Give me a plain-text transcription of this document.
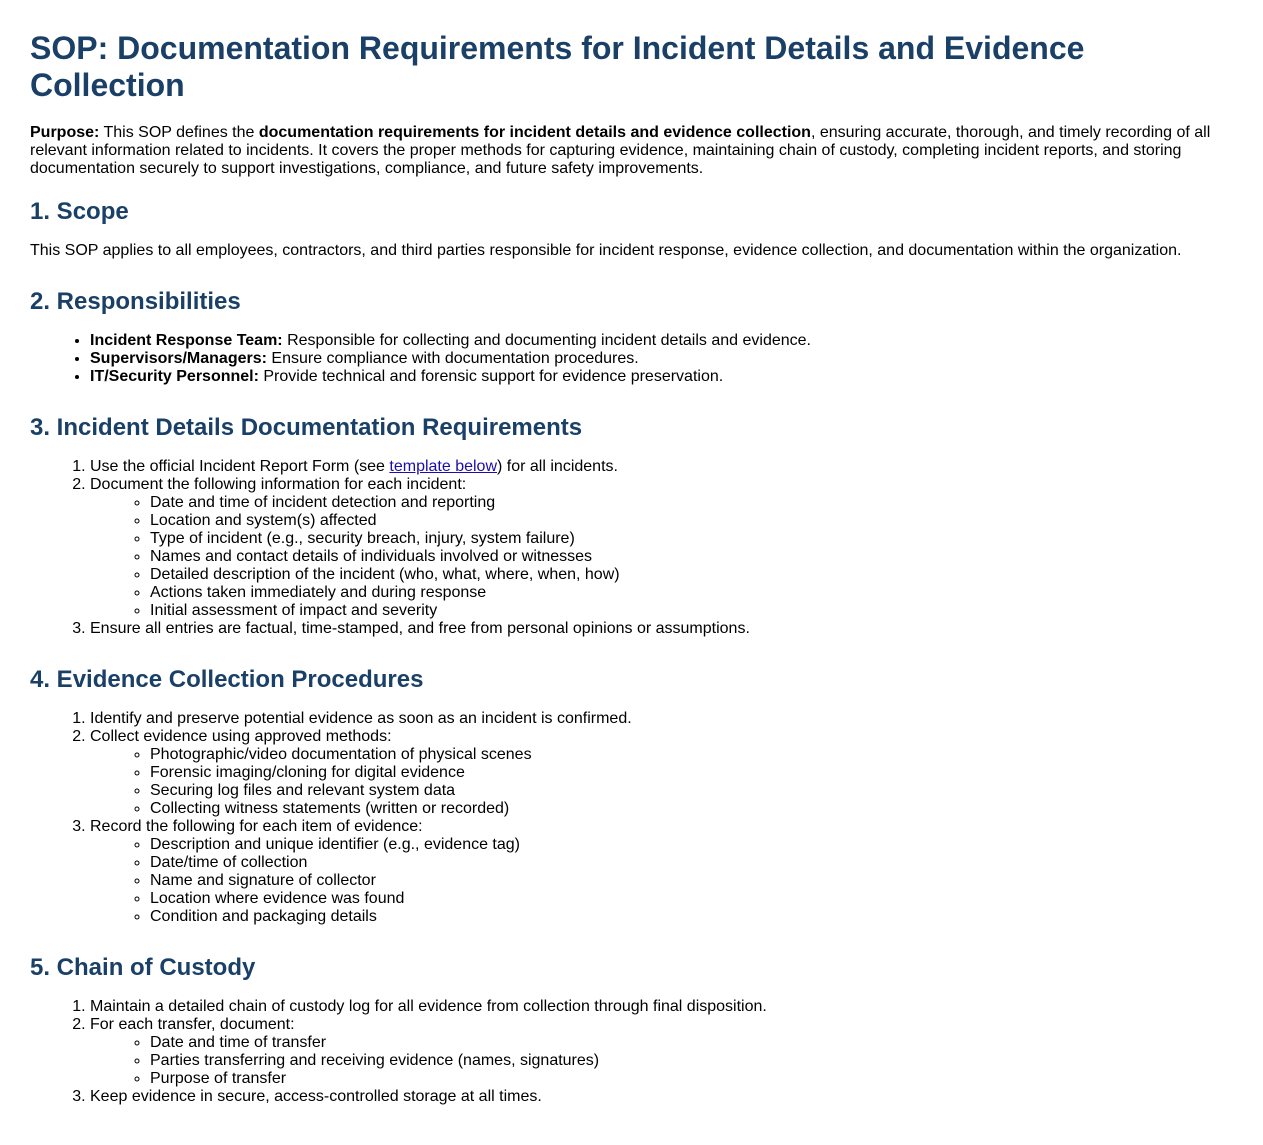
SOP: Documentation Requirements for Incident Details and Evidence Collection

Purpose: This SOP defines the documentation requirements for incident details and evidence collection, ensuring accurate, thorough, and timely recording of all relevant information related to incidents. It covers the proper methods for capturing evidence, maintaining chain of custody, completing incident reports, and storing documentation securely to support investigations, compliance, and future safety improvements.

1. Scope

This SOP applies to all employees, contractors, and third parties responsible for incident response, evidence collection, and documentation within the organization.

2. Responsibilities
• Incident Response Team: Responsible for collecting and documenting incident details and evidence.
• Supervisors/Managers: Ensure compliance with documentation procedures.
• IT/Security Personnel: Provide technical and forensic support for evidence preservation.
3. Incident Details Documentation Requirements
1. Use the official Incident Report Form (see template below) for all incidents.
2. Document the following information for each incident:
◦ Date and time of incident detection and reporting
◦ Location and system(s) affected
◦ Type of incident (e.g., security breach, injury, system failure)
◦ Names and contact details of individuals involved or witnesses
◦ Detailed description of the incident (who, what, where, when, how)
◦ Actions taken immediately and during response
◦ Initial assessment of impact and severity
3. Ensure all entries are factual, time-stamped, and free from personal opinions or assumptions.
4. Evidence Collection Procedures
1. Identify and preserve potential evidence as soon as an incident is confirmed.
2. Collect evidence using approved methods:
◦ Photographic/video documentation of physical scenes
◦ Forensic imaging/cloning for digital evidence
◦ Securing log files and relevant system data
◦ Collecting witness statements (written or recorded)
3. Record the following for each item of evidence:
◦ Description and unique identifier (e.g., evidence tag)
◦ Date/time of collection
◦ Name and signature of collector
◦ Location where evidence was found
◦ Condition and packaging details
5. Chain of Custody
1. Maintain a detailed chain of custody log for all evidence from collection through final disposition.
2. For each transfer, document:
◦ Date and time of transfer
◦ Parties transferring and receiving evidence (names, signatures)
◦ Purpose of transfer
3. Keep evidence in secure, access-controlled storage at all times.
